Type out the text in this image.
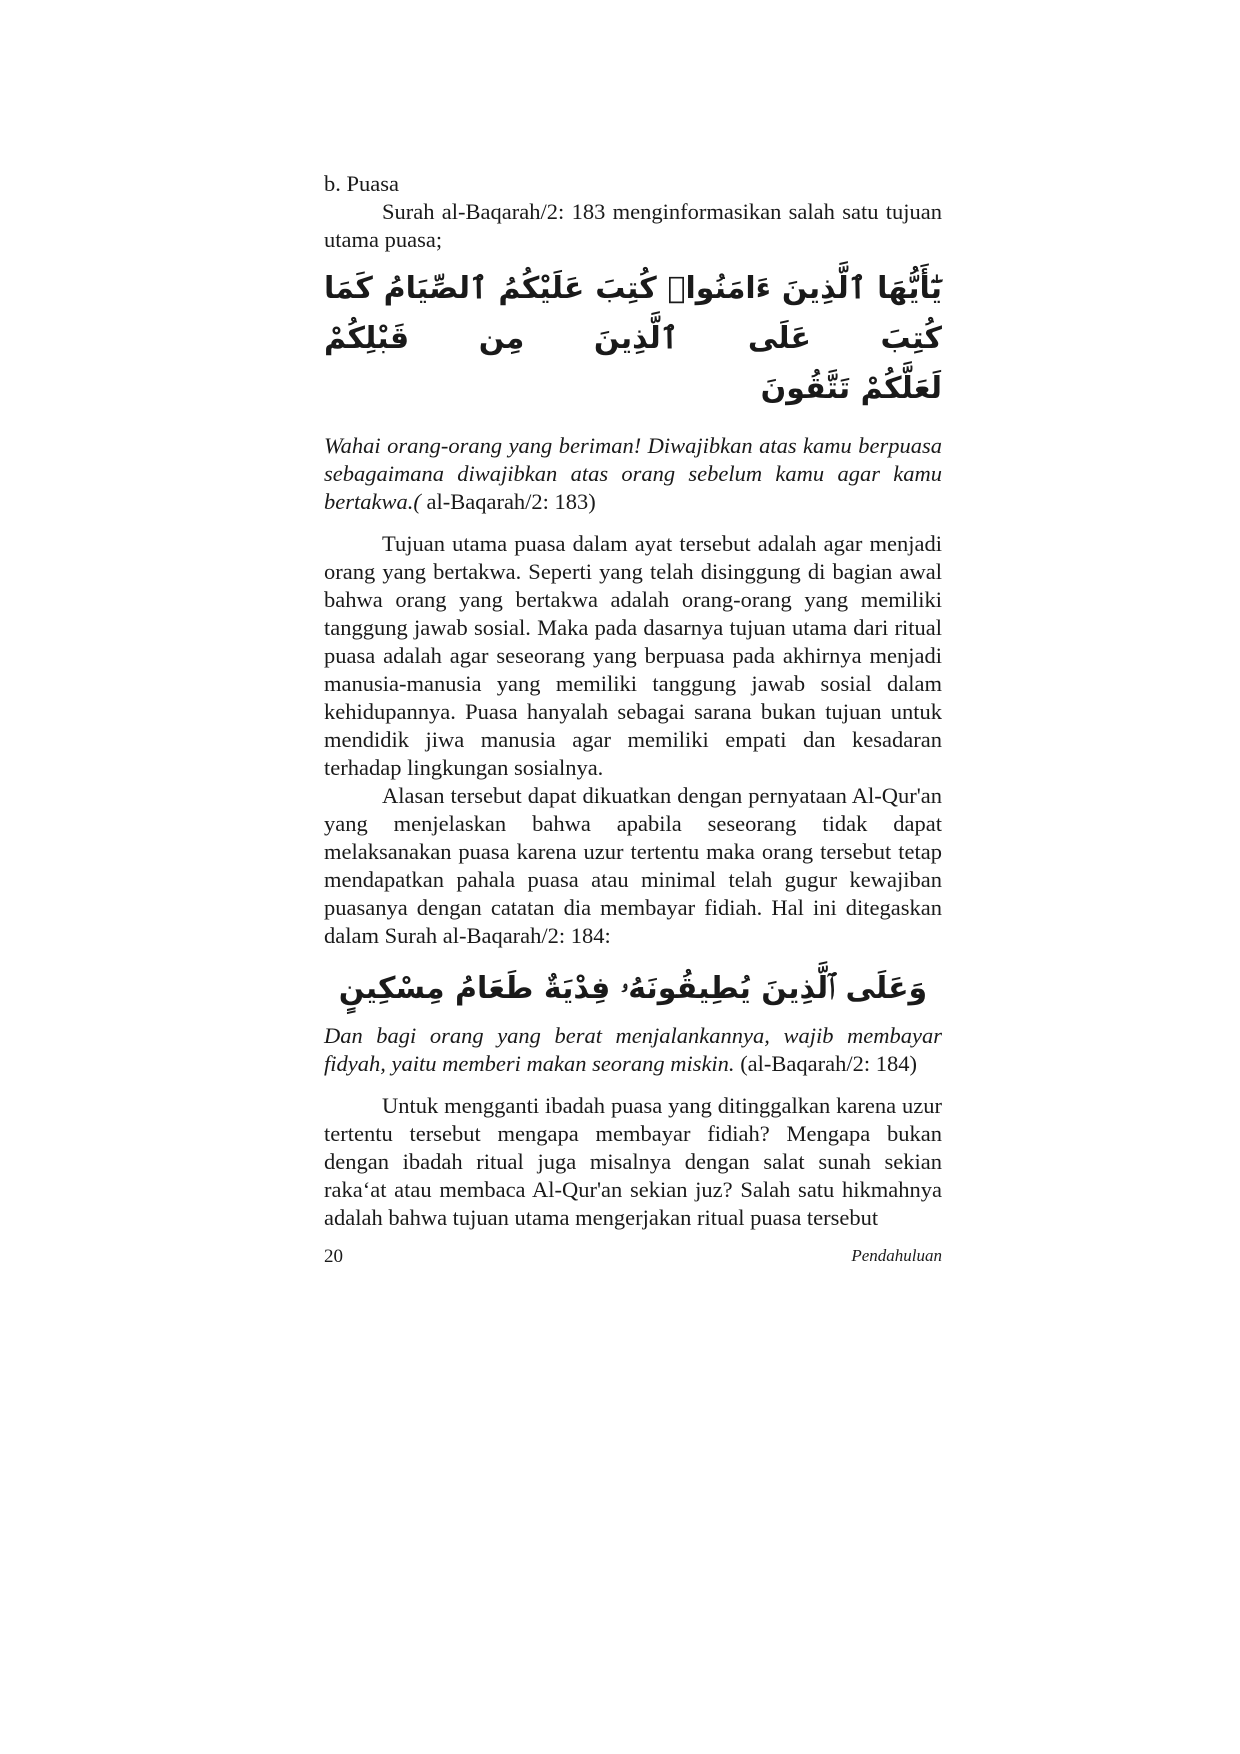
b. Puasa

Surah al-Baqarah/2: 183 menginformasikan salah satu tujuan utama puasa;

يَٰٓأَيُّهَا ٱلَّذِينَ ءَامَنُوا۟ كُتِبَ عَلَيْكُمُ ٱلصِّيَامُ كَمَا كُتِبَ عَلَى ٱلَّذِينَ مِن قَبْلِكُمْ
لَعَلَّكُمْ تَتَّقُونَ

Wahai orang-orang yang beriman! Diwajibkan atas kamu berpuasa sebagaimana diwajibkan atas orang sebelum kamu agar kamu bertakwa.( al-Baqarah/2: 183)

Tujuan utama puasa dalam ayat tersebut adalah agar menjadi orang yang bertakwa. Seperti yang telah disinggung di bagian awal bahwa orang yang bertakwa adalah orang-orang yang memiliki tanggung jawab sosial. Maka pada dasarnya tujuan utama dari ritual puasa adalah agar seseorang yang berpuasa pada akhirnya menjadi manusia-manusia yang memiliki tanggung jawab sosial dalam kehidupannya. Puasa hanyalah sebagai sarana bukan tujuan untuk mendidik jiwa manusia agar memiliki empati dan kesadaran terhadap lingkungan sosialnya.

Alasan tersebut dapat dikuatkan dengan pernyataan Al-Qur'an yang menjelaskan bahwa apabila seseorang tidak dapat melaksanakan puasa karena uzur tertentu maka orang tersebut tetap mendapatkan pahala puasa atau minimal telah gugur kewajiban puasanya dengan catatan dia membayar fidiah. Hal ini ditegaskan dalam Surah al-Baqarah/2: 184:

وَعَلَى ٱلَّذِينَ يُطِيقُونَهُۥ فِدْيَةٌ طَعَامُ مِسْكِينٍ

Dan bagi orang yang berat menjalankannya, wajib membayar fidyah, yaitu memberi makan seorang miskin. (al-Baqarah/2: 184)

Untuk mengganti ibadah puasa yang ditinggalkan karena uzur tertentu tersebut mengapa membayar fidiah? Mengapa bukan dengan ibadah ritual juga misalnya dengan salat sunah sekian raka‘at atau membaca Al-Qur'an sekian juz? Salah satu hikmahnya adalah bahwa tujuan utama mengerjakan ritual puasa tersebut

20	Pendahuluan
